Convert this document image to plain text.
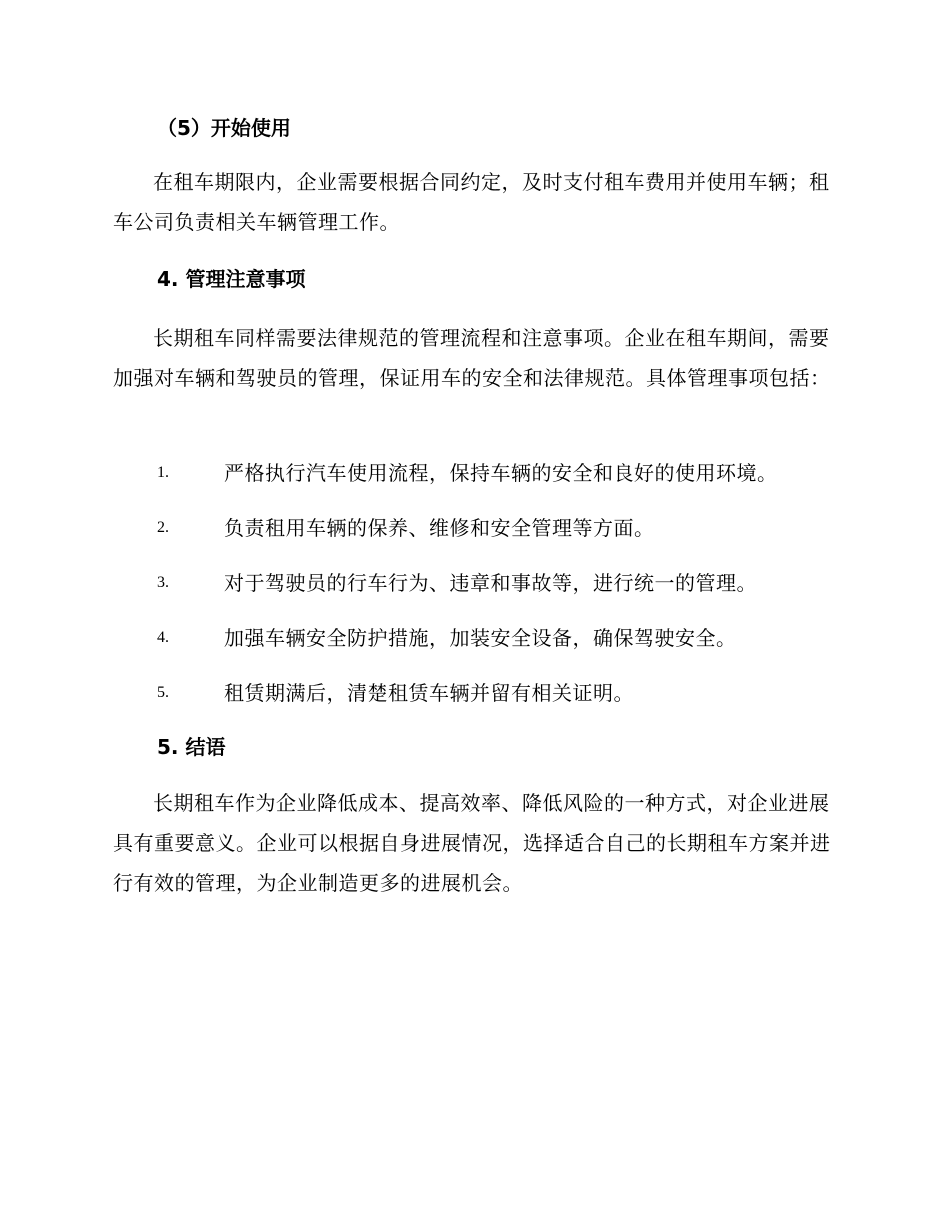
（5）开始使用
在租车期限内，企业需要根据合同约定，及时支付租车费用并使用车辆；租车公司负责相关车辆管理工作。
4. 管理注意事项
长期租车同样需要法律规范的管理流程和注意事项。企业在租车期间，需要加强对车辆和驾驶员的管理，保证用车的安全和法律规范。具体管理事项包括：
1.	严格执行汽车使用流程，保持车辆的安全和良好的使用环境。
2.	负责租用车辆的保养、维修和安全管理等方面。
3.	对于驾驶员的行车行为、违章和事故等，进行统一的管理。
4.	加强车辆安全防护措施，加装安全设备，确保驾驶安全。
5.	租赁期满后，清楚租赁车辆并留有相关证明。
5. 结语
长期租车作为企业降低成本、提高效率、降低风险的一种方式，对企业进展具有重要意义。企业可以根据自身进展情况，选择适合自己的长期租车方案并进行有效的管理，为企业制造更多的进展机会。
